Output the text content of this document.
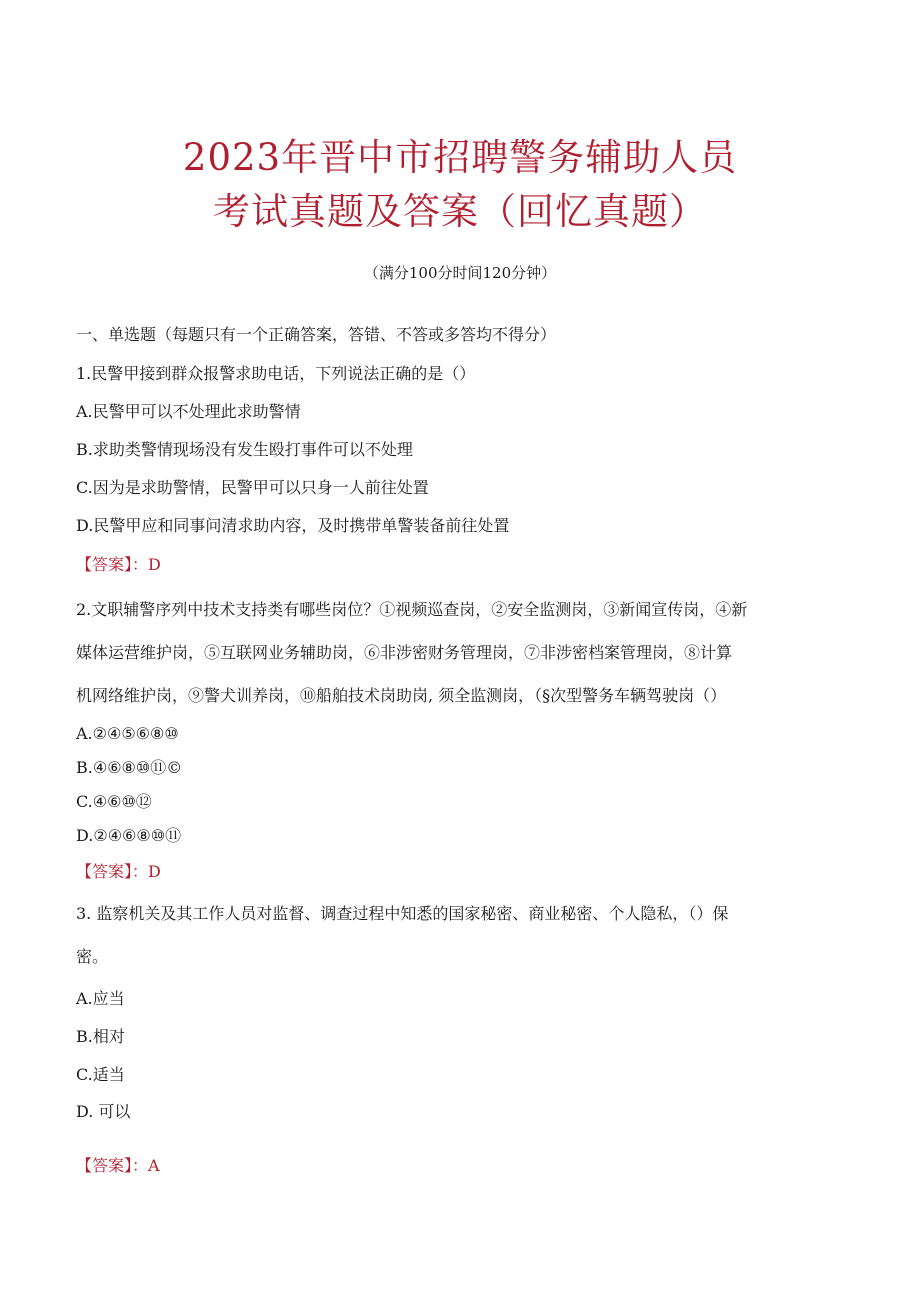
2023年晋中市招聘警务辅助人员
考试真题及答案（回忆真题）
（满分100分时间120分钟）
一、单选题（每题只有一个正确答案，答错、不答或多答均不得分）
1.民警甲接到群众报警求助电话，下列说法正确的是（）
A.民警甲可以不处理此求助警情
B.求助类警情现场没有发生殴打事件可以不处理
C.因为是求助警情，民警甲可以只身一人前往处置
D.民警甲应和同事问清求助内容，及时携带单警装备前往处置
【答案】：D
2.文职辅警序列中技术支持类有哪些岗位？①视频巡查岗，②安全监测岗，③新闻宣传岗，④新
媒体运营维护岗，⑤互联网业务辅助岗，⑥非涉密财务管理岗，⑦非涉密档案管理岗，⑧计算
机网络维护岗，⑨警犬训养岗，⑩船舶技术岗助岗, 须全监测岗，（§次型警务车辆驾驶岗（）
A.②④⑤⑥⑧⑩
B.④⑥⑧⑩⑪©
C.④⑥⑩⑫
D.②④⑥⑧⑩⑪
【答案】：D
3. 监察机关及其工作人员对监督、调查过程中知悉的国家秘密、商业秘密、个人隐私，（）保
密。
A.应当
B.相对
C.适当
D. 可以
【答案】：A
